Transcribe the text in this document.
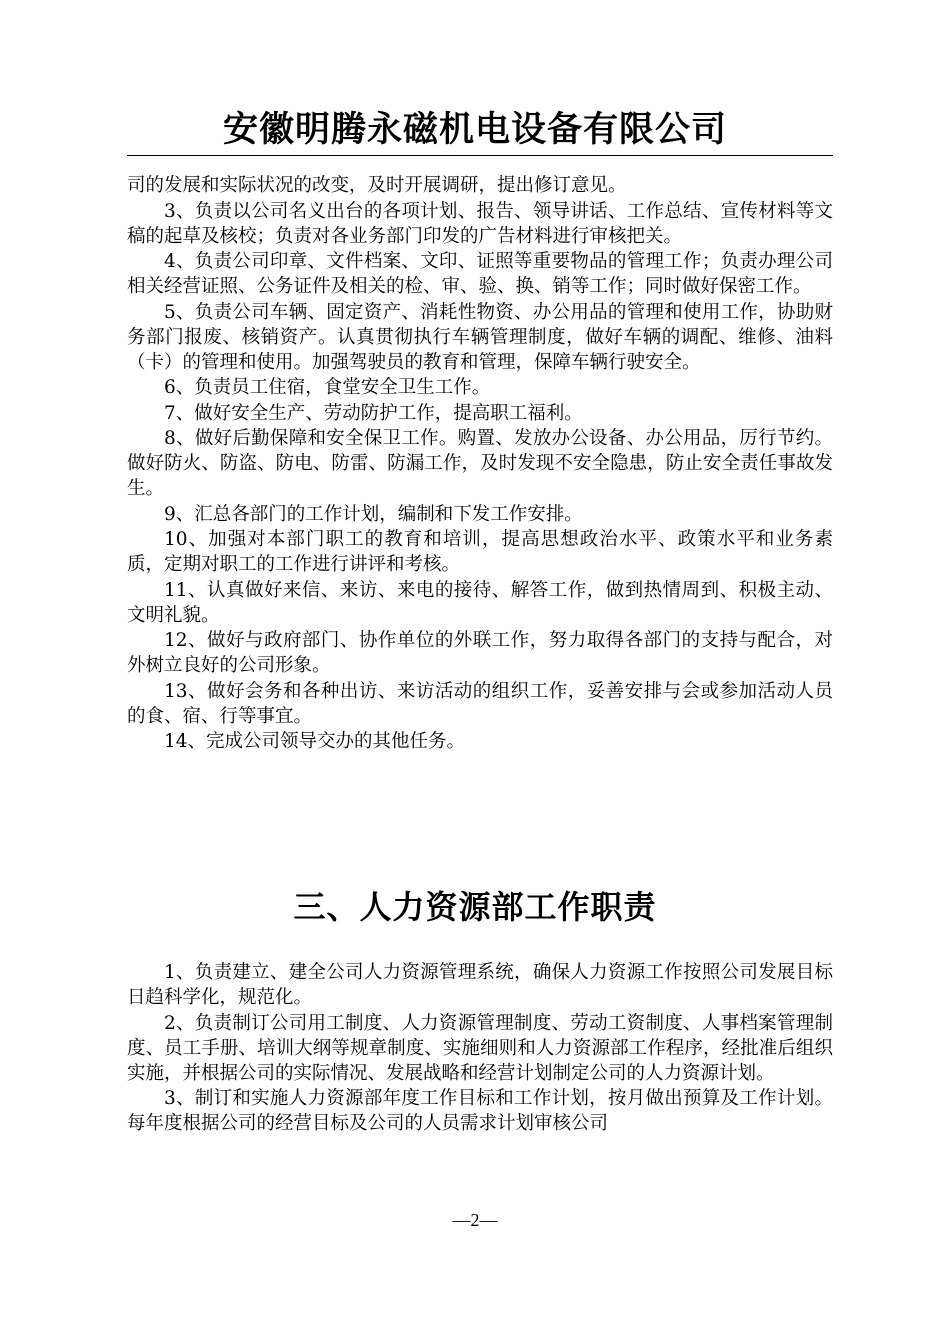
安徽明腾永磁机电设备有限公司

司的发展和实际状况的改变，及时开展调研，提出修订意见。

3、负责以公司名义出台的各项计划、报告、领导讲话、工作总结、宣传材料等文稿的起草及核校；负责对各业务部门印发的广告材料进行审核把关。

4、负责公司印章、文件档案、文印、证照等重要物品的管理工作；负责办理公司相关经营证照、公务证件及相关的检、审、验、换、销等工作；同时做好保密工作。

5、负责公司车辆、固定资产、消耗性物资、办公用品的管理和使用工作，协助财务部门报废、核销资产。认真贯彻执行车辆管理制度，做好车辆的调配、维修、油料（卡）的管理和使用。加强驾驶员的教育和管理，保障车辆行驶安全。

6、负责员工住宿，食堂安全卫生工作。

7、做好安全生产、劳动防护工作，提高职工福利。

8、做好后勤保障和安全保卫工作。购置、发放办公设备、办公用品，厉行节约。做好防火、防盗、防电、防雷、防漏工作，及时发现不安全隐患，防止安全责任事故发生。

9、汇总各部门的工作计划，编制和下发工作安排。

10、加强对本部门职工的教育和培训，提高思想政治水平、政策水平和业务素质，定期对职工的工作进行讲评和考核。

11、认真做好来信、来访、来电的接待、解答工作，做到热情周到、积极主动、文明礼貌。

12、做好与政府部门、协作单位的外联工作，努力取得各部门的支持与配合，对外树立良好的公司形象。

13、做好会务和各种出访、来访活动的组织工作，妥善安排与会或参加活动人员的食、宿、行等事宜。

14、完成公司领导交办的其他任务。

三、人力资源部工作职责

1、负责建立、建全公司人力资源管理系统，确保人力资源工作按照公司发展目标日趋科学化，规范化。

2、负责制订公司用工制度、人力资源管理制度、劳动工资制度、人事档案管理制度、员工手册、培训大纲等规章制度、实施细则和人力资源部工作程序，经批准后组织实施，并根据公司的实际情况、发展战略和经营计划制定公司的人力资源计划。

3、制订和实施人力资源部年度工作目标和工作计划，按月做出预算及工作计划。每年度根据公司的经营目标及公司的人员需求计划审核公司

—2—
